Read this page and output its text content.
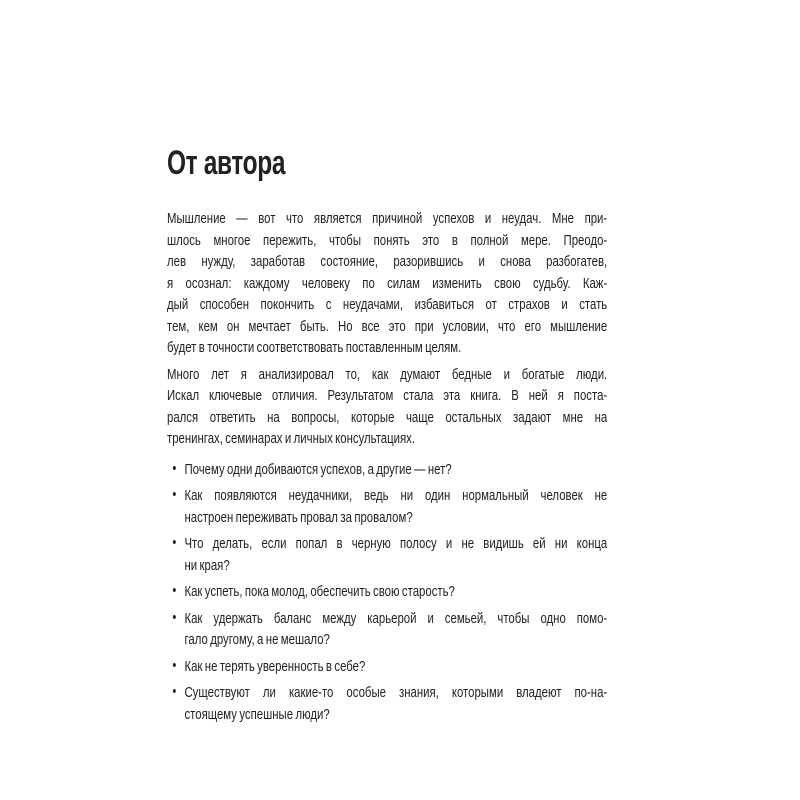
От автора
Мышление — вот что является причиной успехов и неудач. Мне при-
шлось многое пережить, чтобы понять это в полной мере. Преодо-
лев нужду, заработав состояние, разорившись и снова разбогатев,
я осознал: каждому человеку по силам изменить свою судьбу. Каж-
дый способен покончить с неудачами, избавиться от страхов и стать
тем, кем он мечтает быть. Но все это при условии, что его мышление
будет в точности соответствовать поставленным целям.
Много лет я анализировал то, как думают бедные и богатые люди.
Искал ключевые отличия. Результатом стала эта книга. В ней я поста-
рался ответить на вопросы, которые чаще остальных задают мне на
тренингах, семинарах и личных консультациях.
• Почему одни добиваются успехов, а другие — нет?
• Как появляются неудачники, ведь ни один нормальный человек не
настроен переживать провал за провалом?
• Что делать, если попал в черную полосу и не видишь ей ни конца
ни края?
• Как успеть, пока молод, обеспечить свою старость?
• Как удержать баланс между карьерой и семьей, чтобы одно помо-
гало другому, а не мешало?
• Как не терять уверенность в себе?
• Существуют ли какие-то особые знания, которыми владеют по-на-
стоящему успешные люди?
